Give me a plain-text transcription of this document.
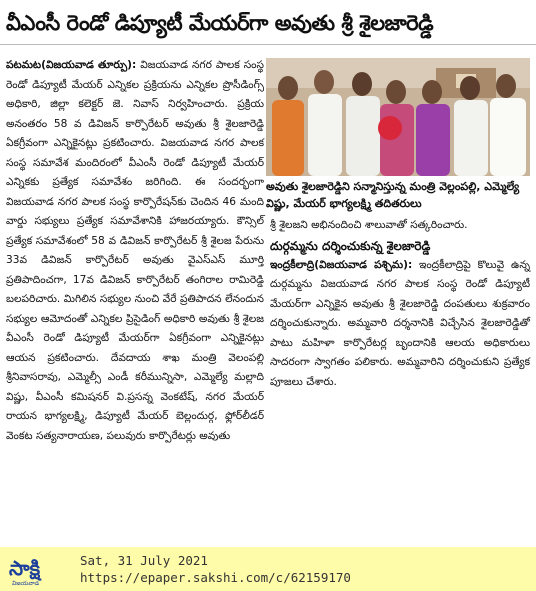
వీఎంసీ రెండో డిప్యూటీ మేయర్‌గా అవుతు శ్రీ శైలజారెడ్డి

పటమట(విజయవాడ తూర్పు): విజయవాడ నగర పాలక సంస్థ రెండో డిప్యూటీ మేయర్ ఎన్నికల ప్రక్రియను ఎన్నికల ప్రొసీడింగ్స్ అధికారి, జిల్లా కలెక్టర్ జె. నివాస్ నిర్వహించారు. ప్రక్రియ అనంతరం 58 వ డివిజన్ కార్పొరేటర్ అవుతు శ్రీ శైలజారెడ్డి ఏకగ్రీవంగా ఎన్నికైనట్లు ప్రకటించారు. విజయవాడ నగర పాలక సంస్థ సమావేశ మందిరంలో వీఎంసీ రెండో డిప్యూటీ మేయర్ ఎన్నికకు ప్రత్యేక సమావేశం జరిగింది. ఈ సందర్భంగా విజయవాడ నగర పాలక సంస్థ కార్పొరేషన్‌కు చెందిన 46 మంది వార్డు సభ్యులు ప్రత్యేక సమావేశానికి హాజరయ్యారు. కౌన్సిల్ ప్రత్యేక సమావేశంలో 58 వ డివిజన్ కార్పొరేటర్ శ్రీ శైలజ పేరును 33వ డివిజన్ కార్పొరేటర్ అవుతు వైఎస్ఎస్ మూర్తి ప్రతిపాదించగా, 17వ డివిజన్ కార్పొరేటర్ తంగిరాల రామిరెడ్డి బలపరిచారు. మిగిలిన సభ్యుల నుంచి వేరే ప్రతిపాదన లేనందున సభ్యుల ఆమోదంతో ఎన్నికల ప్రిసైడింగ్ అధికారి అవుతు శ్రీ శైలజ వీఎంసీ రెండో డిప్యూటీ మేయర్‌గా ఏకగ్రీవంగా ఎన్నికైనట్లు ఆయన ప్రకటించారు. దేవదాయ శాఖ మంత్రి వెలంపల్లి శ్రీనివాసరావు, ఎమ్మెల్సీ ఎండీ కరీమున్నిసా, ఎమ్మెల్యే మల్లాది విష్ణు, వీఎంసీ కమిషనర్ వి.ప్రసన్న వెంకటేష్, నగర మేయర్ రాయన భాగ్యలక్ష్మి, డిప్యూటీ మేయర్ బెల్లందుర్గ, ఫ్లోర్‌లీడర్ వెంకట సత్యనారాయణ, పలువురు కార్పొరేటర్లు అవుతు

అవుతు శైలజారెడ్డిని సన్మానిస్తున్న మంత్రి వెల్లంపల్లి, ఎమ్మెల్యే విష్ణు, మేయర్ భాగ్యలక్ష్మి తదితరులు

శ్రీ శైలజని అభినందించి శాలువాతో సత్కరించారు.

దుర్గమ్మను దర్శించుకున్న శైలజారెడ్డి

ఇంద్రకీలాద్రి(విజయవాడ పశ్చిమ): ఇంద్రకీలాద్రిపై కొలువై ఉన్న దుర్గమ్మను విజయవాడ నగర పాలక సంస్థ రెండో డిప్యూటీ మేయర్‌గా ఎన్నికైన అవుతు శ్రీ శైలజారెడ్డి దంపతులు శుక్రవారం దర్శించుకున్నారు. అమ్మవారి దర్శనానికి విచ్చేసిన శైలజారెడ్డితో పాటు మహిళా కార్పొరేటర్ల బృందానికి ఆలయ అధికారులు సాదరంగా స్వాగతం పలికారు. అమ్మవారిని దర్శించుకుని ప్రత్యేక పూజలు చేశారు.

సాక్షి
విజయవాడ
Sat, 31 July 2021
https://epaper.sakshi.com/c/62159170
